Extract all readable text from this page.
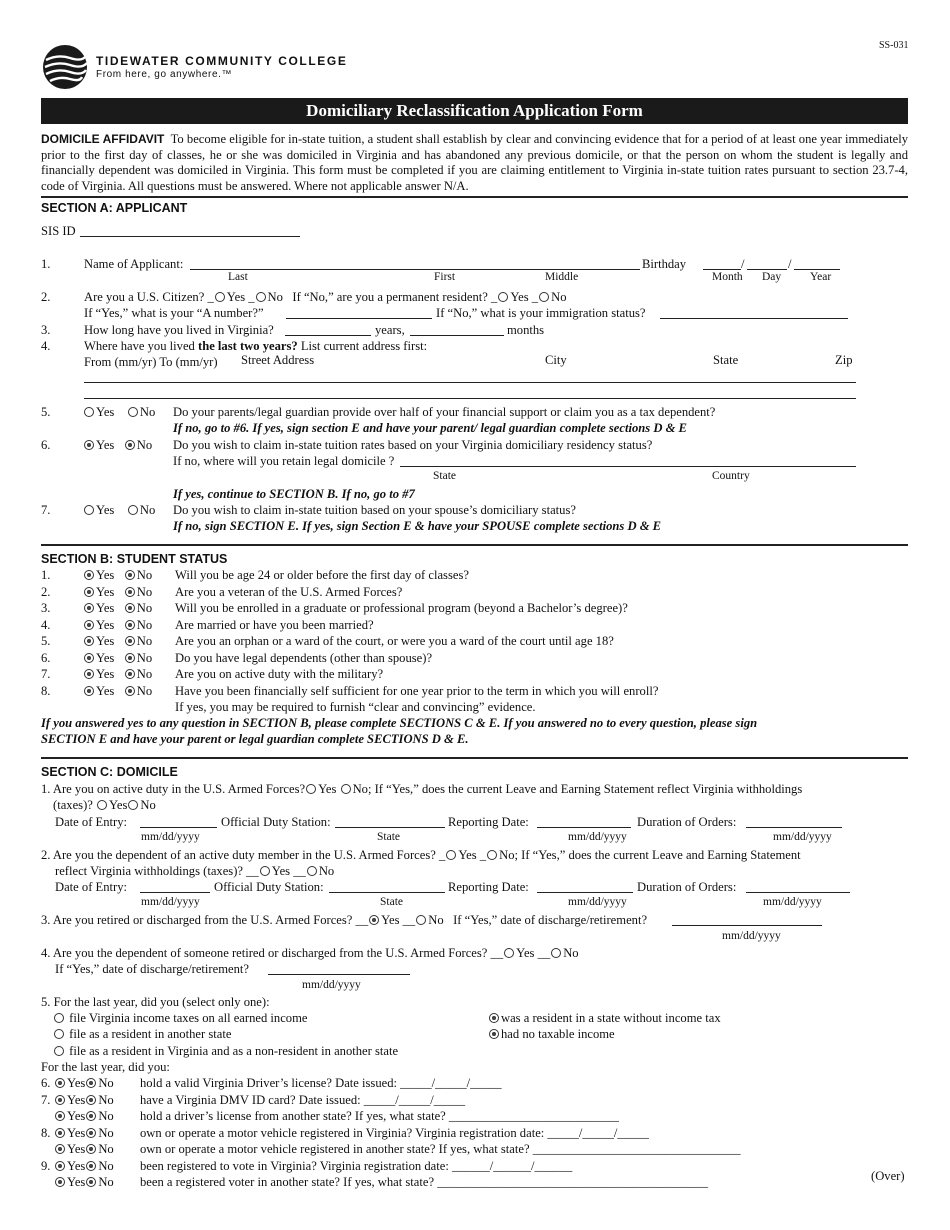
TIDEWATER COMMUNITY COLLEGE
From here, go anywhere.™
SS-031
Domiciliary Reclassification Application Form
DOMICILE AFFIDAVIT To become eligible for in-state tuition, a student shall establish by clear and convincing evidence that for a period of at least one year immediately prior to the first day of classes, he or she was domiciled in Virginia and has abandoned any previous domicile, or that the person on whom the student is legally and financially dependent was domiciled in Virginia. This form must be completed if you are claiming entitlement to Virginia in-state tuition rates pursuant to section 23.7-4, code of Virginia. All questions must be answered. Where not applicable answer N/A.
SECTION A: APPLICANT
SIS ID
1.	Name of Applicant:	Birthday	/	/
Last	First	Middle	Month Day	Year
2.	Are you a U.S. Citizen? _ Yes _ No If “No,” are you a permanent resident? _ Yes _ No
If “Yes,” what is your “A number?”	If “No,” what is your immigration status?
3.	How long have you lived in Virginia?	years,	months
4.	Where have you lived the last two years? List current address first:
From (mm/yr) To (mm/yr) Street Address	City	State	Zip
5.	Yes No Do your parents/legal guardian provide over half of your financial support or claim you as a tax dependent?
If no, go to #6. If yes, sign section E and have your parent/ legal guardian complete sections D & E
6.	Yes No Do you wish to claim in-state tuition rates based on your Virginia domiciliary residency status?
If no, where will you retain legal domicile ?
State	Country
If yes, continue to SECTION B. If no, go to #7
7.	Yes No Do you wish to claim in-state tuition based on your spouse’s domiciliary status?
If no, sign SECTION E. If yes, sign Section E & have your SPOUSE complete sections D & E
SECTION B: STUDENT STATUS
1.	Yes No Will you be age 24 or older before the first day of classes?
2.	Yes No Are you a veteran of the U.S. Armed Forces?
3.	Yes No Will you be enrolled in a graduate or professional program (beyond a Bachelor’s degree)?
4.	Yes No Are married or have you been married?
5.	Yes No Are you an orphan or a ward of the court, or were you a ward of the court until age 18?
6.	Yes No Do you have legal dependents (other than spouse)?
7.	Yes No Are you on active duty with the military?
8.	Yes No Have you been financially self sufficient for one year prior to the term in which you will enroll?
If yes, you may be required to furnish “clear and convincing” evidence.
If you answered yes to any question in SECTION B, please complete SECTIONS C & E. If you answered no to every question, please sign
SECTION E and have your parent or legal guardian complete SECTIONS D & E.
SECTION C: DOMICILE
1. Are you on active duty in the U.S. Armed Forces? Yes No; If “Yes,” does the current Leave and Earning Statement reflect Virginia withholdings
(taxes)? Yes No
Date of Entry:	Official Duty Station:	Reporting Date:	Duration of Orders:
mm/dd/yyyy	State	mm/dd/yyyy	mm/dd/yyyy
2. Are you the dependent of an active duty member in the U.S. Armed Forces? _ Yes _ No; If “Yes,” does the current Leave and Earning Statement
reflect Virginia withholdings (taxes)? __ Yes __ No
Date of Entry:	Official Duty Station:	Reporting Date:	Duration of Orders:
mm/dd/yyyy	State	mm/dd/yyyy	mm/dd/yyyy
3. Are you retired or discharged from the U.S. Armed Forces? __ Yes __ No If “Yes,” date of discharge/retirement?
mm/dd/yyyy
4. Are you the dependent of someone retired or discharged from the U.S. Armed Forces? __ Yes __ No
If “Yes,” date of discharge/retirement?
mm/dd/yyyy
5. For the last year, did you (select only one):
file Virginia income taxes on all earned income
file as a resident in another state
file as a resident in Virginia and as a non-resident in another state
was a resident in a state without income tax
had no taxable income
For the last year, did you:
6.	Yes No hold a valid Virginia Driver’s license? Date issued: _____/_____/_____
7.	Yes No have a Virginia DMV ID card? Date issued: _____/_____/_____
Yes No hold a driver’s license from another state? If yes, what state? ___________________________
8.	Yes No own or operate a motor vehicle registered in Virginia? Virginia registration date: _____/_____/_____
Yes No own or operate a motor vehicle registered in another state? If yes, what state? _________________________________
9.	Yes No been registered to vote in Virginia? Virginia registration date: ______/______/______
Yes No been a registered voter in another state? If yes, what state? ___________________________________________	(Over)
